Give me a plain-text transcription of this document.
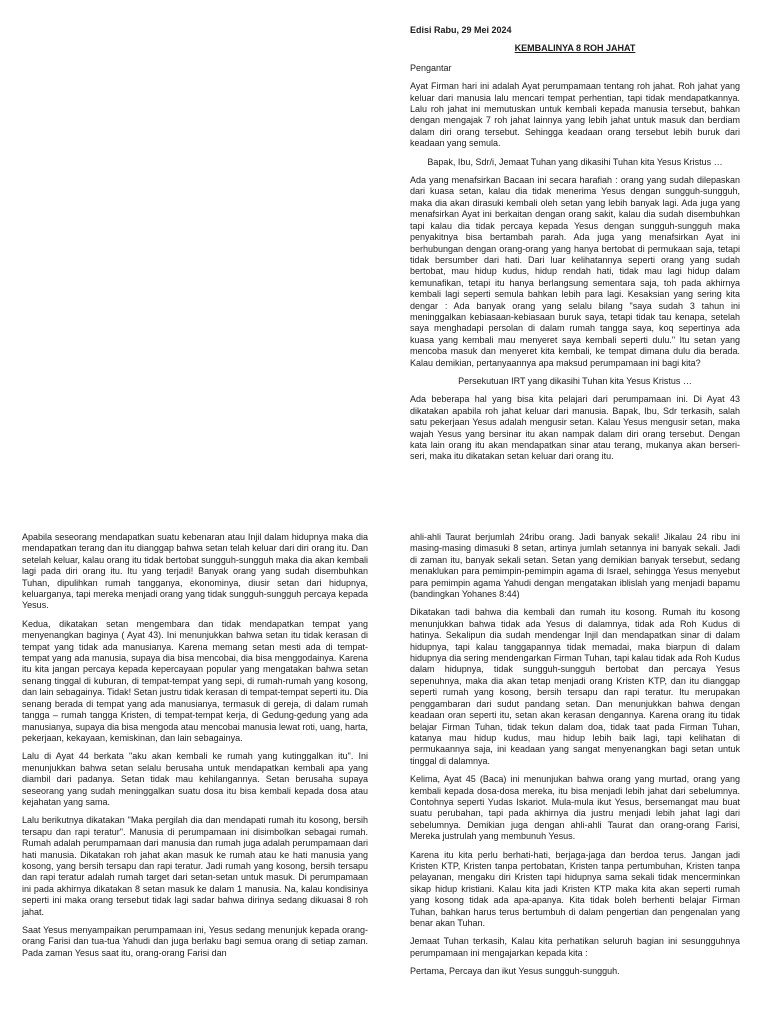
Edisi Rabu, 29 Mei 2024
KEMBALINYA 8 ROH JAHAT
Pengantar

Ayat Firman hari ini adalah Ayat perumpamaan tentang roh jahat. Roh jahat yang keluar dari manusia lalu mencari tempat perhentian, tapi tidak mendapatkannya. Lalu roh jahat ini memutuskan untuk kembali kepada manusia tersebut, bahkan dengan mengajak 7 roh jahat lainnya yang lebih jahat untuk masuk dan berdiam dalam diri orang tersebut. Sehingga keadaan orang tersebut lebih buruk dari keadaan yang semula.

Bapak, Ibu, Sdr/i, Jemaat Tuhan yang dikasihi Tuhan kita Yesus Kristus …

Ada yang menafsirkan Bacaan ini secara harafiah : orang yang sudah dilepaskan dari kuasa setan, kalau dia tidak menerima Yesus dengan sungguh-sungguh, maka dia akan dirasuki kembali oleh setan yang lebih banyak lagi. Ada juga yang menafsirkan Ayat ini berkaitan dengan orang sakit, kalau dia sudah disembuhkan tapi kalau dia tidak percaya kepada Yesus dengan sungguh-sungguh maka penyakitnya bisa bertambah parah. Ada juga yang menafsirkan Ayat ini berhubungan dengan orang-orang yang hanya bertobat di permukaan saja, tetapi tidak bersumber dari hati. Dari luar kelihatannya seperti orang yang sudah bertobat, mau hidup kudus, hidup rendah hati, tidak mau lagi hidup dalam kemunafikan, tetapi itu hanya berlangsung sementara saja, toh pada akhirnya kembali lagi seperti semula bahkan lebih para lagi. Kesaksian yang sering kita dengar : Ada banyak orang yang selalu bilang "saya sudah 3 tahun ini meninggalkan kebiasaan-kebiasaan buruk saya, tetapi tidak tau kenapa, setelah saya menghadapi persolan di dalam rumah tangga saya, koq sepertinya ada kuasa yang kembali mau menyeret saya kembali seperti dulu." Itu setan yang mencoba masuk dan menyeret kita kembali, ke tempat dimana dulu dia berada. Kalau demikian, pertanyaannya apa maksud perumpamaan ini bagi kita?

Persekutuan IRT yang dikasihi Tuhan kita Yesus Kristus …

Ada beberapa hal yang bisa kita pelajari dari perumpamaan ini. Di Ayat 43 dikatakan apabila roh jahat keluar dari manusia. Bapak, Ibu, Sdr terkasih, salah satu pekerjaan Yesus adalah mengusir setan. Kalau Yesus mengusir setan, maka wajah Yesus yang bersinar itu akan nampak dalam diri orang tersebut. Dengan kata lain orang itu akan mendapatkan sinar atau terang, mukanya akan berseri-seri, maka itu dikatakan setan keluar dari orang itu.

Apabila seseorang mendapatkan suatu kebenaran atau Injil dalam hidupnya maka dia mendapatkan terang dan itu dianggap bahwa setan telah keluar dari diri orang itu. Dan setelah keluar, kalau orang itu tidak bertobat sungguh-sungguh maka dia akan kembali lagi pada diri orang itu. Itu yang terjadi! Banyak orang yang sudah disembuhkan Tuhan, dipulihkan rumah tangganya, ekonominya, diusir setan dari hidupnya, keluarganya, tapi mereka menjadi orang yang tidak sungguh-sungguh percaya kepada Yesus.

Kedua, dikatakan setan mengembara dan tidak mendapatkan tempat yang menyenangkan baginya ( Ayat 43). Ini menunjukkan bahwa setan itu tidak kerasan di tempat yang tidak ada manusianya. Karena memang setan mesti ada di tempat-tempat yang ada manusia, supaya dia bisa mencobai, dia bisa menggodainya. Karena itu kita jangan percaya kepada kepercayaan popular yang mengatakan bahwa setan senang tinggal di kuburan, di tempat-tempat yang sepi, di rumah-rumah yang kosong, dan lain sebagainya. Tidak! Setan justru tidak kerasan di tempat-tempat seperti itu. Dia senang berada di tempat yang ada manusianya, termasuk di gereja, di dalam rumah tangga – rumah tangga Kristen, di tempat-tempat kerja, di Gedung-gedung yang ada manusianya, supaya dia bisa mengoda atau mencobai manusia lewat roti, uang, harta, pekerjaan, kekayaan, kemiskinan, dan lain sebagainya.

Lalu di Ayat 44 berkata "aku akan kembali ke rumah yang kutinggalkan itu". Ini menunjukkan bahwa setan selalu berusaha untuk mendapatkan kembali apa yang diambil dari padanya. Setan tidak mau kehilangannya. Setan berusaha supaya seseorang yang sudah meninggalkan suatu dosa itu bisa kembali kepada dosa atau kejahatan yang sama.

Lalu berikutnya dikatakan "Maka pergilah dia dan mendapati rumah itu kosong, bersih tersapu dan rapi teratur". Manusia di perumpamaan ini disimbolkan sebagai rumah. Rumah adalah perumpamaan dari manusia dan rumah juga adalah perumpamaan dari hati manusia. Dikatakan roh jahat akan masuk ke rumah atau ke hati manusia yang kosong, yang bersih tersapu dan rapi teratur. Jadi rumah yang kosong, bersih tersapu dan rapi teratur adalah rumah target dari setan-setan untuk masuk. Di perumpamaan ini pada akhirnya dikatakan 8 setan masuk ke dalam 1 manusia. Na, kalau kondisinya seperti ini maka orang tersebut tidak lagi sadar bahwa dirinya sedang dikuasai 8 roh jahat.

Saat Yesus menyampaikan perumpamaan ini, Yesus sedang menunjuk kepada orang-orang Farisi dan tua-tua Yahudi dan juga berlaku bagi semua orang di setiap zaman. Pada zaman Yesus saat itu, orang-orang Farisi dan

ahli-ahli Taurat berjumlah 24ribu orang. Jadi banyak sekali! Jikalau 24 ribu ini masing-masing dimasuki 8 setan, artinya jumlah setannya ini banyak sekali. Jadi di zaman itu, banyak sekali setan. Setan yang demikian banyak tersebut, sedang menaklukan para pemimpin-pemimpin agama di Israel, sehingga Yesus menyebut para pemimpin agama Yahudi dengan mengatakan iblislah yang menjadi bapamu (bandingkan Yohanes 8:44)

Dikatakan tadi bahwa dia kembali dan rumah itu kosong. Rumah itu kosong menunjukkan bahwa tidak ada Yesus di dalamnya, tidak ada Roh Kudus di hatinya. Sekalipun dia sudah mendengar Injil dan mendapatkan sinar di dalam hidupnya, tapi kalau tanggapannya tidak memadai, maka biarpun di dalam hidupnya dia sering mendengarkan Firman Tuhan, tapi kalau tidak ada Roh Kudus dalam hidupnya, tidak sungguh-sungguh bertobat dan percaya Yesus sepenuhnya, maka dia akan tetap menjadi orang Kristen KTP, dan itu dianggap seperti rumah yang kosong, bersih tersapu dan rapi teratur. Itu merupakan penggambaran dari sudut pandang setan. Dan menunjukkan bahwa dengan keadaan oran seperti itu, setan akan kerasan dengannya. Karena orang itu tidak belajar Firman Tuhan, tidak tekun dalam doa, tidak taat pada Firman Tuhan, katanya mau hidup kudus, mau hidup lebih baik lagi, tapi kelihatan di permukaannya saja, ini keadaan yang sangat menyenangkan bagi setan untuk tinggal di dalamnya.

Kelima, Ayat 45 (Baca) ini menunjukan bahwa orang yang murtad, orang yang kembali kepada dosa-dosa mereka, itu bisa menjadi lebih jahat dari sebelumnya. Contohnya seperti Yudas Iskariot. Mula-mula ikut Yesus, bersemangat mau buat suatu perubahan, tapi pada akhirnya dia justru menjadi lebih jahat lagi dari sebelumnya. Demikian juga dengan ahli-ahli Taurat dan orang-orang Farisi, Mereka justrulah yang membunuh Yesus.

Karena itu kita perlu berhati-hati, berjaga-jaga dan berdoa terus. Jangan jadi Kristen KTP, Kristen tanpa pertobatan, Kristen tanpa pertumbuhan, Kristen tanpa pelayanan, mengaku diri Kristen tapi hidupnya sama sekali tidak mencerminkan sikap hidup kristiani. Kalau kita jadi Kristen KTP maka kita akan seperti rumah yang kosong tidak ada apa-apanya. Kita tidak boleh berhenti belajar Firman Tuhan, bahkan harus terus bertumbuh di dalam pengertian dan pengenalan yang benar akan Tuhan.

Jemaat Tuhan terkasih, Kalau kita perhatikan seluruh bagian ini sesungguhnya perumpamaan ini mengajarkan kepada kita :

Pertama, Percaya dan ikut Yesus sungguh-sungguh.
